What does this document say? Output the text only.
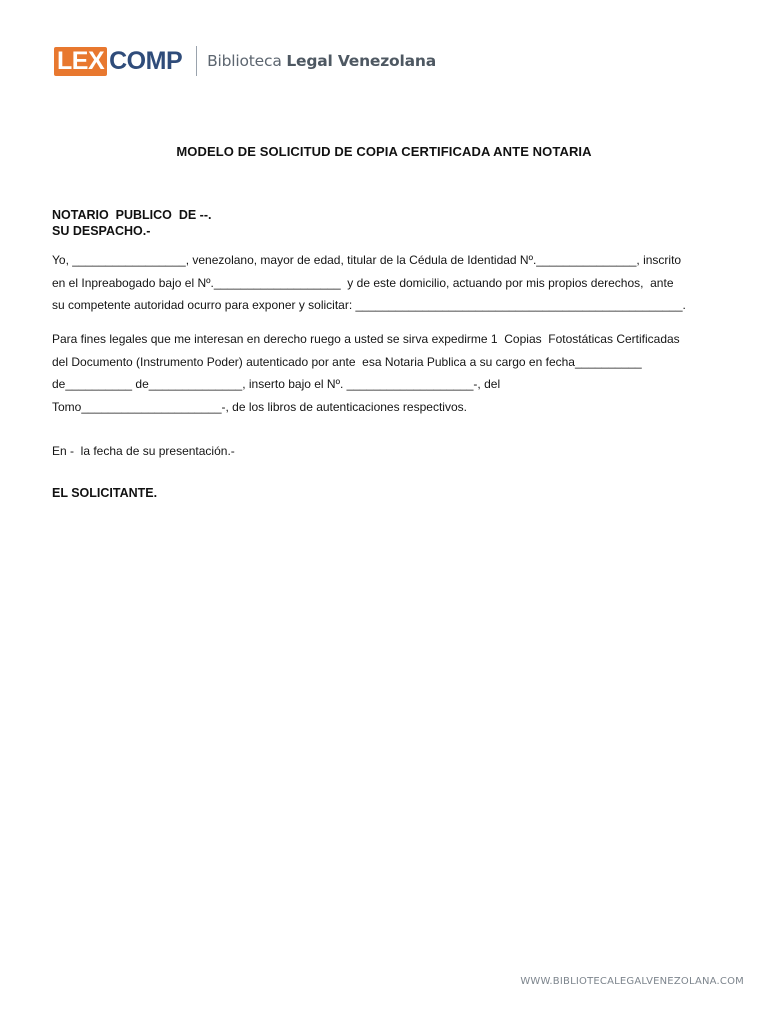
LEX COMP Biblioteca Legal Venezolana
MODELO DE SOLICITUD DE COPIA CERTIFICADA ANTE NOTARIA
NOTARIO  PUBLICO  DE --.
SU DESPACHO.-
Yo, _________________, venezolano, mayor de edad, titular de la Cédula de Identidad Nº._______________, inscrito
en el Inpreabogado bajo el Nº.___________________  y de este domicilio, actuando por mis propios derechos,  ante
su competente autoridad ocurro para exponer y solicitar: _________________________________________________.
Para fines legales que me interesan en derecho ruego a usted se sirva expedirme 1  Copias  Fotostáticas Certificadas
del Documento (Instrumento Poder) autenticado por ante  esa Notaria Publica a su cargo en fecha__________
de__________ de______________, inserto bajo el Nº. ___________________-, del
Tomo_____________________-, de los libros de autenticaciones respectivos.
En -  la fecha de su presentación.-
EL SOLICITANTE.
WWW.BIBLIOTECALEGALVENEZOLANA.COM
